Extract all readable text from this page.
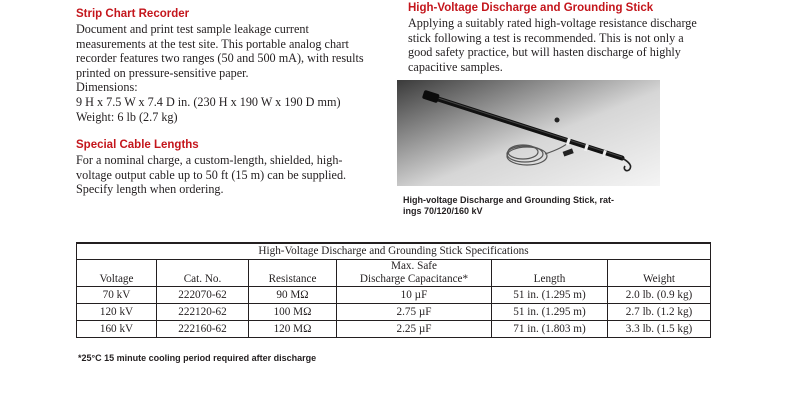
Strip Chart Recorder
Document and print test sample leakage current
measurements at the test site. This portable analog chart
recorder features two ranges (50 and 500 mA), with results
printed on pressure-sensitive paper.
Dimensions:
9 H x 7.5 W x 7.4 D in. (230 H x 190 W x 190 D mm)
Weight: 6 lb (2.7 kg)
Special Cable Lengths
For a nominal charge, a custom-length, shielded, high-
voltage output cable up to 50 ft (15 m) can be supplied.
Specify length when ordering.
High-Voltage Discharge and Grounding Stick
Applying a suitably rated high-voltage resistance discharge
stick following a test is recommended. This is not only a
good safety practice, but will hasten discharge of highly
capacitive samples.
High-voltage Discharge and Grounding Stick, rat-
ings 70/120/160 kV
High-Voltage Discharge and Grounding Stick Specifications					
			Max. Safe		
Voltage	Cat. No.	Resistance	Discharge Capacitance*	Length	Weight
70 kV	222070-62	90 MΩ	10 µF	51 in. (1.295 m)	2.0 lb. (0.9 kg)
120 kV	222120-62	100 MΩ	2.75 µF	51 in. (1.295 m)	2.7 lb. (1.2 kg)
160 kV	222160-62	120 MΩ	2.25 µF	71 in. (1.803 m)	3.3 lb. (1.5 kg)
*25°C 15 minute cooling period required after discharge
